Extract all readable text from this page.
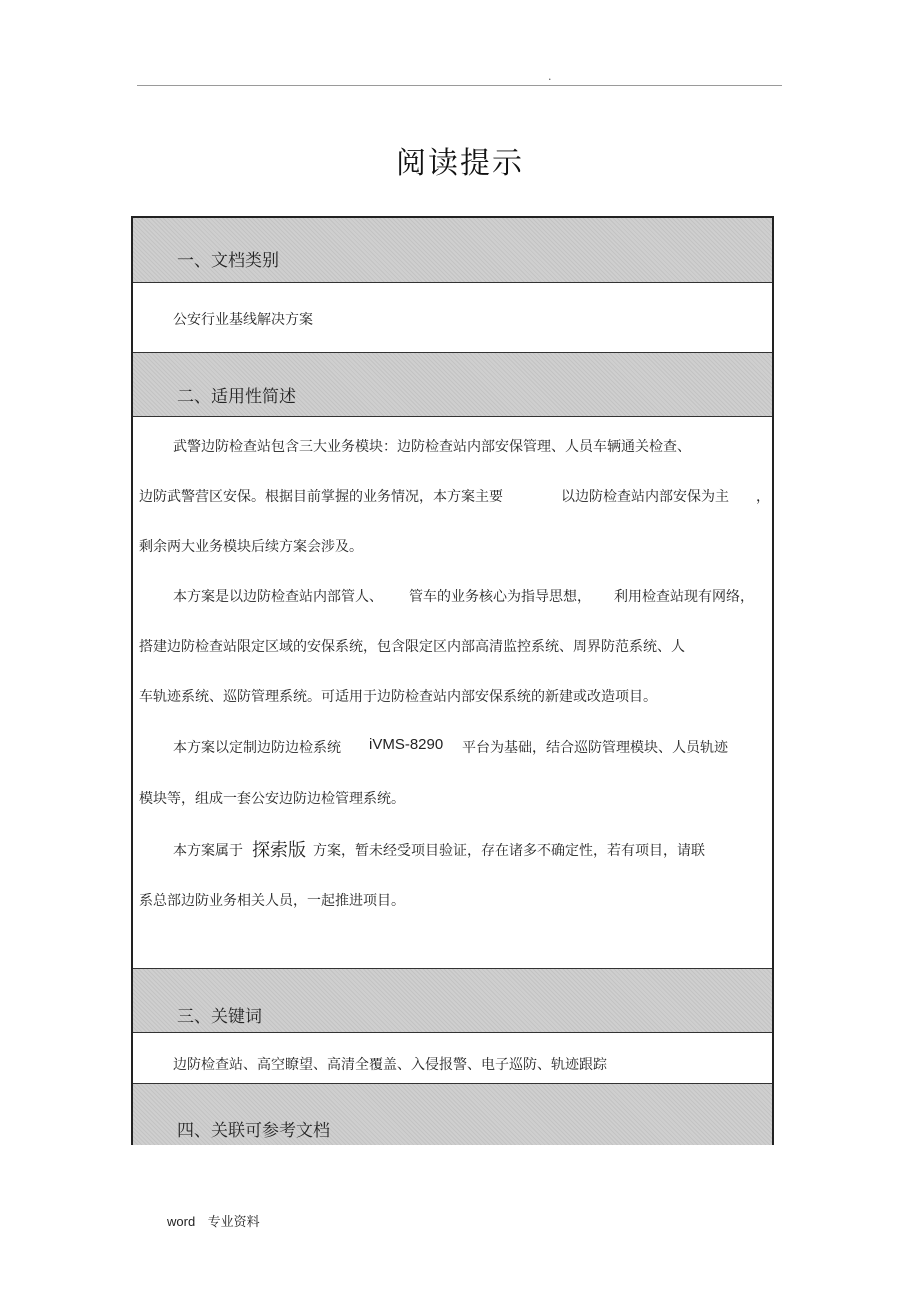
.
阅读提示
一、文档类别
公安行业基线解决方案
二、适用性简述
武警边防检查站包含三大业务模块：边防检查站内部安保管理、人员车辆通关检查、
边防武警营区安保。根据目前掌握的业务情况，本方案主要	以边防检查站内部安保为主 ，
剩余两大业务模块后续方案会涉及。
本方案是以边防检查站内部管人、 管车的业务核心为指导思想， 利用检查站现有网络，
搭建边防检查站限定区域的安保系统，包含限定区内部高清监控系统、周界防范系统、人
车轨迹系统、巡防管理系统。可适用于边防检查站内部安保系统的新建或改造项目。
本方案以定制边防边检系统 iVMS-8290 平台为基础，结合巡防管理模块、人员轨迹
模块等，组成一套公安边防边检管理系统。
本方案属于 探索版 方案，暂未经受项目验证，存在诸多不确定性，若有项目，请联
系总部边防业务相关人员，一起推进项目。
三、关键词
边防检查站、高空瞭望、高清全覆盖、入侵报警、电子巡防、轨迹跟踪
四、关联可参考文档
word 专业资料
